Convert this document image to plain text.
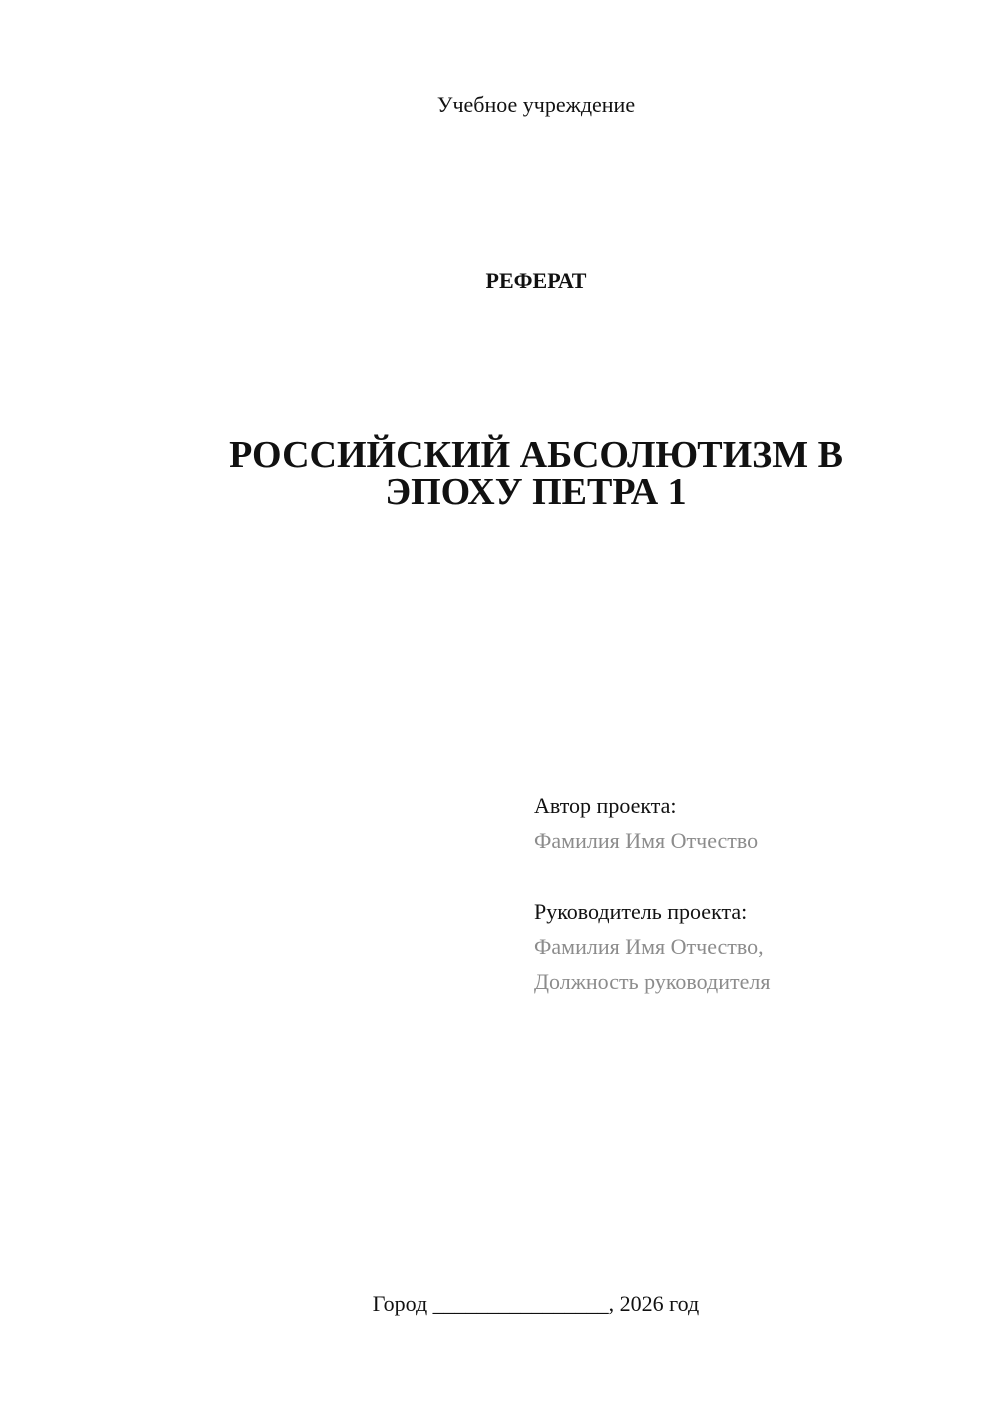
Учебное учреждение
РЕФЕРАТ
РОССИЙСКИЙ АБСОЛЮТИЗМ В
ЭПОХУ ПЕТРА 1
Автор проекта:
Фамилия Имя Отчество
Руководитель проекта:
Фамилия Имя Отчество,
Должность руководителя
Город ________________, 2026 год
